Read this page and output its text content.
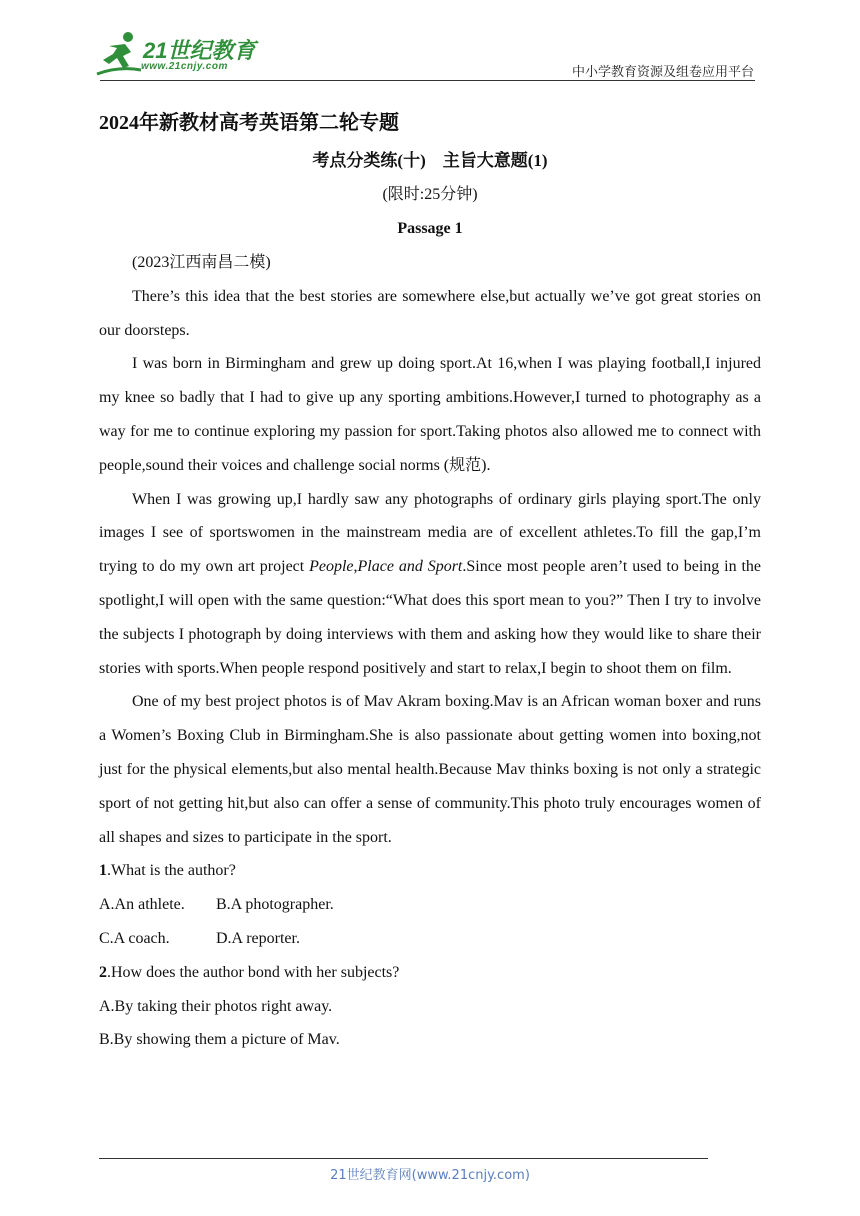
21世纪教育
www.21cnjy.com	中小学教育资源及组卷应用平台
2024年新教材高考英语第二轮专题
考点分类练(十)　主旨大意题(1)
(限时:25分钟)
Passage 1

(2023江西南昌二模)

There’s this idea that the best stories are somewhere else,but actually we’ve got great stories on our doorsteps.

I was born in Birmingham and grew up doing sport.At 16,when I was playing football,I injured my knee so badly that I had to give up any sporting ambitions.However,I turned to photography as a way for me to continue exploring my passion for sport.Taking photos also allowed me to connect with people,sound their voices and challenge social norms (规范).

When I was growing up,I hardly saw any photographs of ordinary girls playing sport.The only images I see of sportswomen in the mainstream media are of excellent athletes.To fill the gap,I’m trying to do my own art project People,Place and Sport.Since most people aren’t used to being in the spotlight,I will open with the same question:“What does this sport mean to you?” Then I try to involve the subjects I photograph by doing interviews with them and asking how they would like to share their stories with sports.When people respond positively and start to relax,I begin to shoot them on film.

One of my best project photos is of Mav Akram boxing.Mav is an African woman boxer and runs a Women’s Boxing Club in Birmingham.She is also passionate about getting women into boxing,not just for the physical elements,but also mental health.Because Mav thinks boxing is not only a strategic sport of not getting hit,but also can offer a sense of community.This photo truly encourages women of all shapes and sizes to participate in the sport.

1.What is the author?

A.An athlete. B.A photographer.
C.A coach.	D.A reporter.

2.How does the author bond with her subjects?

A.By taking their photos right away.

B.By showing them a picture of Mav.

21世纪教育网(www.21cnjy.com)
